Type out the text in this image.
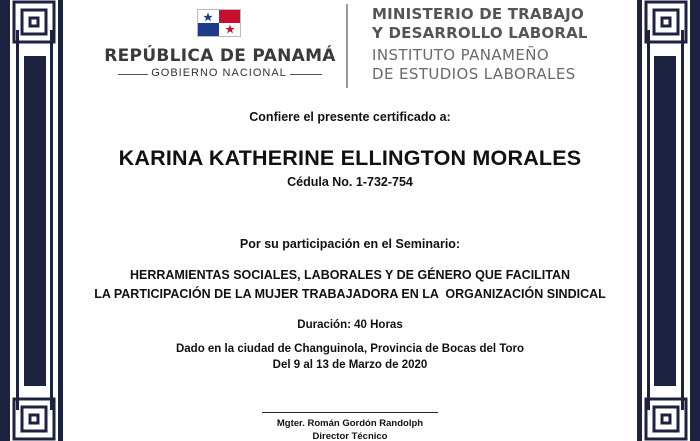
REPÚBLICA DE PANAMÁ
GOBIERNO NACIONAL
MINISTERIO DE TRABAJO
Y DESARROLLO LABORAL
INSTITUTO PANAMEÑO
DE ESTUDIOS LABORALES
Confiere el presente certificado a:
KARINA KATHERINE ELLINGTON MORALES
Cédula No. 1-732-754
Por su participación en el Seminario:
HERRAMIENTAS SOCIALES, LABORALES Y DE GÉNERO QUE FACILITAN
LA PARTICIPACIÓN DE LA MUJER TRABAJADORA EN LA  ORGANIZACIÓN SINDICAL
Duración: 40 Horas
Dado en la ciudad de Changuinola, Provincia de Bocas del Toro
Del 9 al 13 de Marzo de 2020
Mgter. Román Gordón Randolph
Director Técnico
